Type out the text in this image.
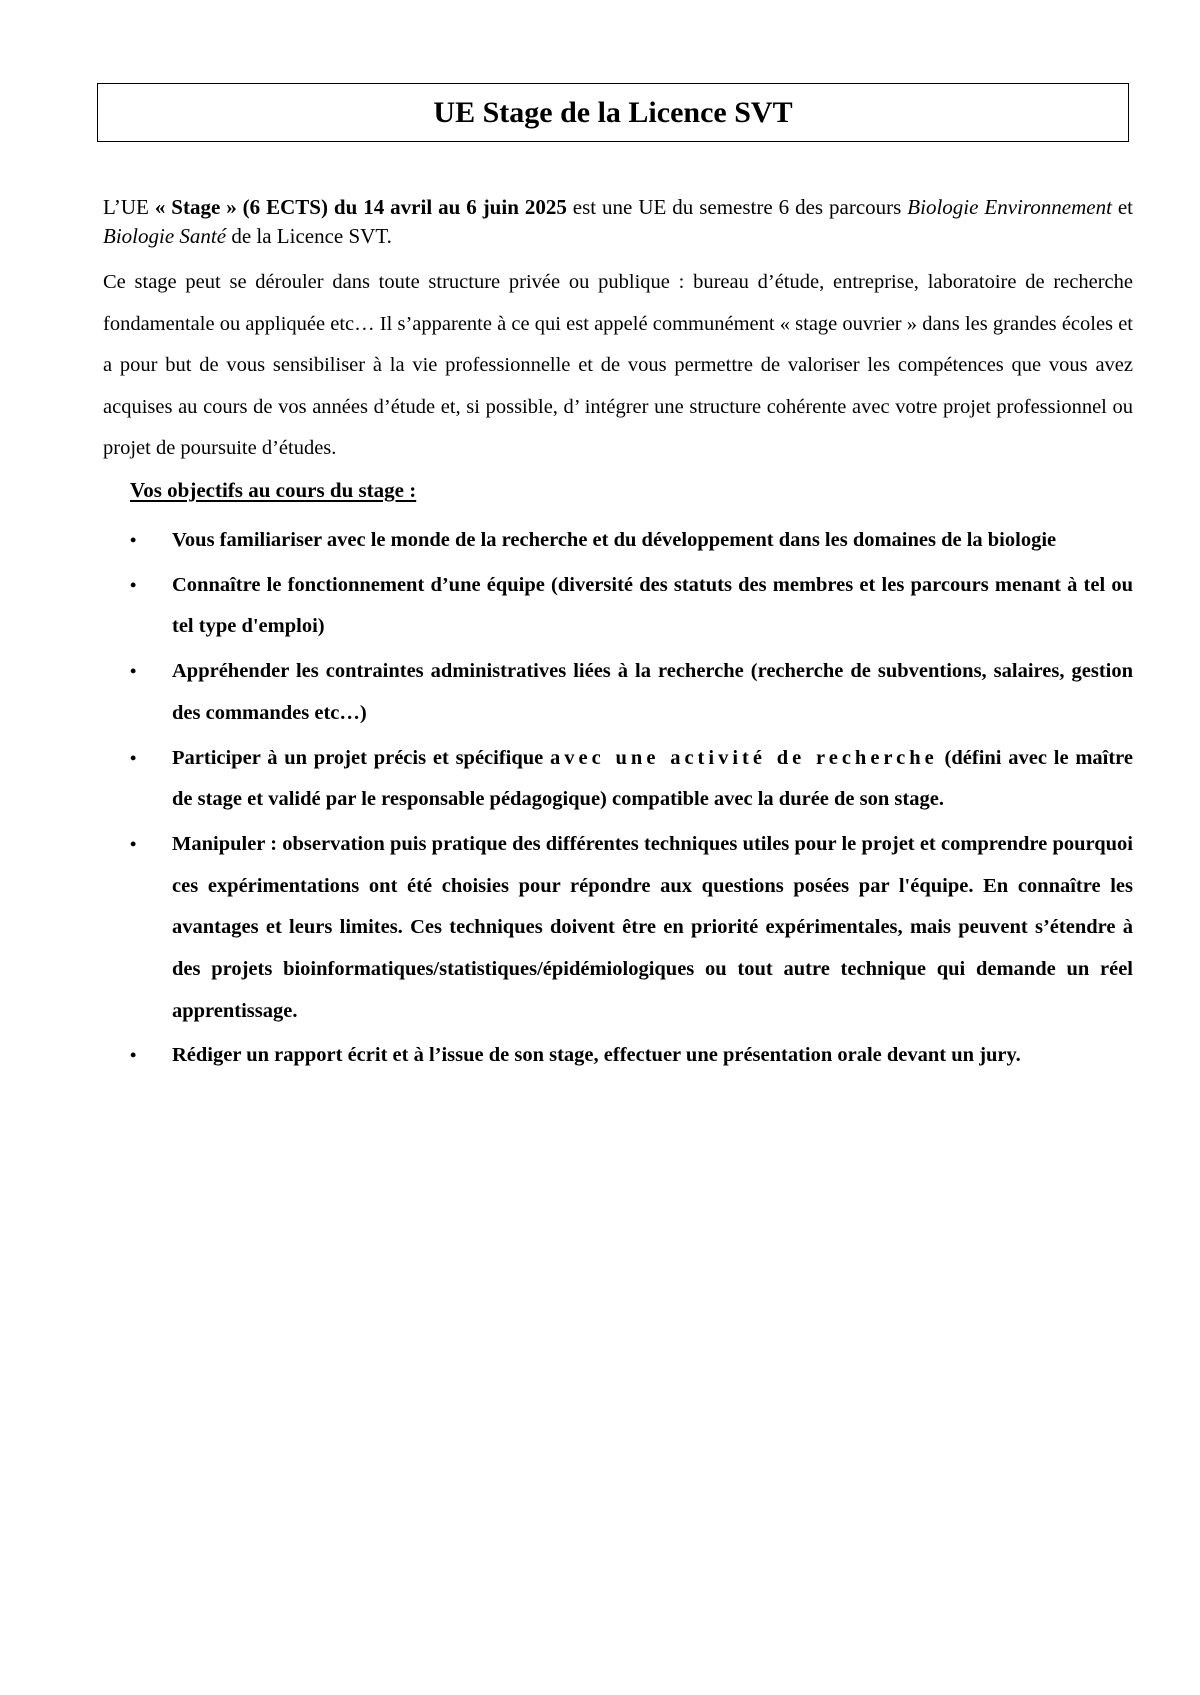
UE Stage de la Licence SVT
L’UE « Stage » (6 ECTS) du 14 avril au 6 juin 2025 est une UE du semestre 6 des parcours Biologie Environnement et Biologie Santé de la Licence SVT.
Ce stage peut se dérouler dans toute structure privée ou publique : bureau d’étude, entreprise, laboratoire de recherche fondamentale ou appliquée etc… Il s’apparente à ce qui est appelé communément « stage ouvrier » dans les grandes écoles et a pour but de vous sensibiliser à la vie professionnelle et de vous permettre de valoriser les compétences que vous avez acquises au cours de vos années d’étude et, si possible, d’ intégrer une structure cohérente avec votre projet professionnel ou projet de poursuite d’études.
Vos objectifs au cours du stage :
• Vous familiariser avec le monde de la recherche et du développement dans les domaines de la biologie
• Connaître le fonctionnement d’une équipe (diversité des statuts des membres et les parcours menant à tel ou tel type d'emploi)
• Appréhender les contraintes administratives liées à la recherche (recherche de subventions, salaires, gestion des commandes etc…)
• Participer à un projet précis et spécifique avec une activité de recherche (défini avec le maître de stage et validé par le responsable pédagogique) compatible avec la durée de son stage.
• Manipuler : observation puis pratique des différentes techniques utiles pour le projet et comprendre pourquoi ces expérimentations ont été choisies pour répondre aux questions posées par l'équipe. En connaître les avantages et leurs limites. Ces techniques doivent être en priorité expérimentales, mais peuvent s’étendre à des projets bioinformatiques/statistiques/épidémiologiques ou tout autre technique qui demande un réel apprentissage.
• Rédiger un rapport écrit et à l’issue de son stage, effectuer une présentation orale devant un jury.
